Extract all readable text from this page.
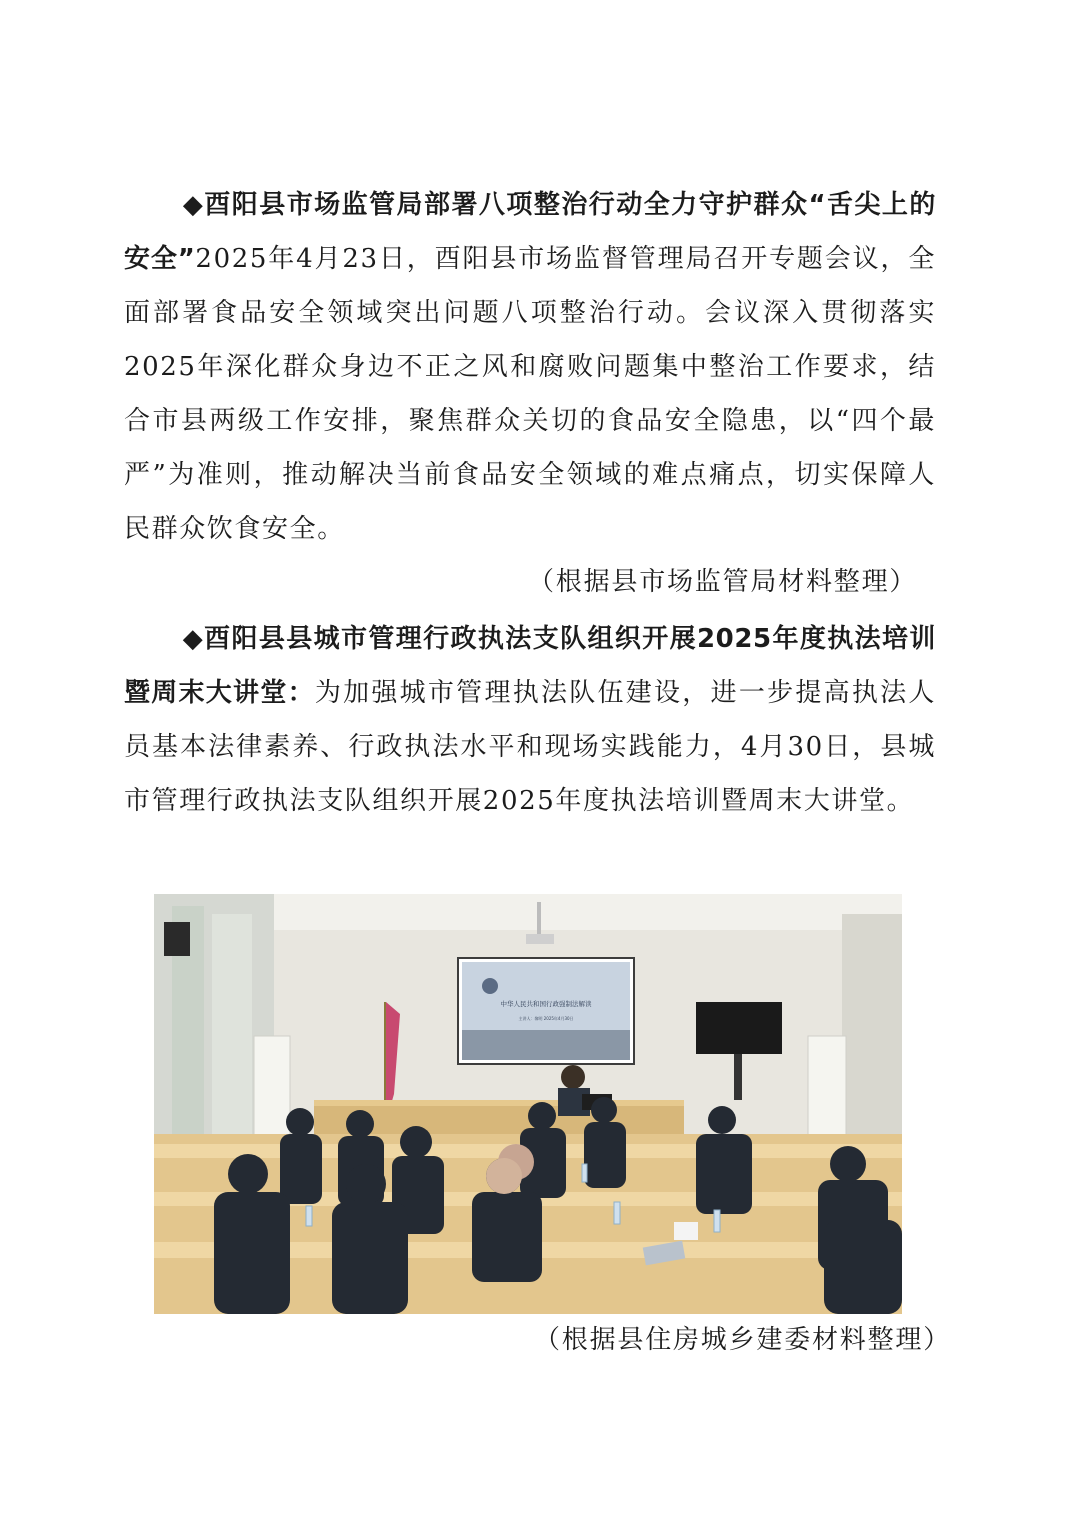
◆酉阳县市场监管局部署八项整治行动全力守护群众“舌尖上的安全”2025年4月23日，酉阳县市场监督管理局召开专题会议，全面部署食品安全领域突出问题八项整治行动。会议深入贯彻落实2025年深化群众身边不正之风和腐败问题集中整治工作要求，结合市县两级工作安排，聚焦群众关切的食品安全隐患，以“四个最严”为准则，推动解决当前食品安全领域的难点痛点，切实保障人民群众饮食安全。

（根据县市场监管局材料整理）

◆酉阳县县城市管理行政执法支队组织开展2025年度执法培训暨周末大讲堂：为加强城市管理执法队伍建设，进一步提高执法人员基本法律素养、行政执法水平和现场实践能力，4月30日，县城市管理行政执法支队组织开展2025年度执法培训暨周末大讲堂。

中华人民共和国行政强制法解读
主讲人：黎明 2025年4月30日

（根据县住房城乡建委材料整理）
